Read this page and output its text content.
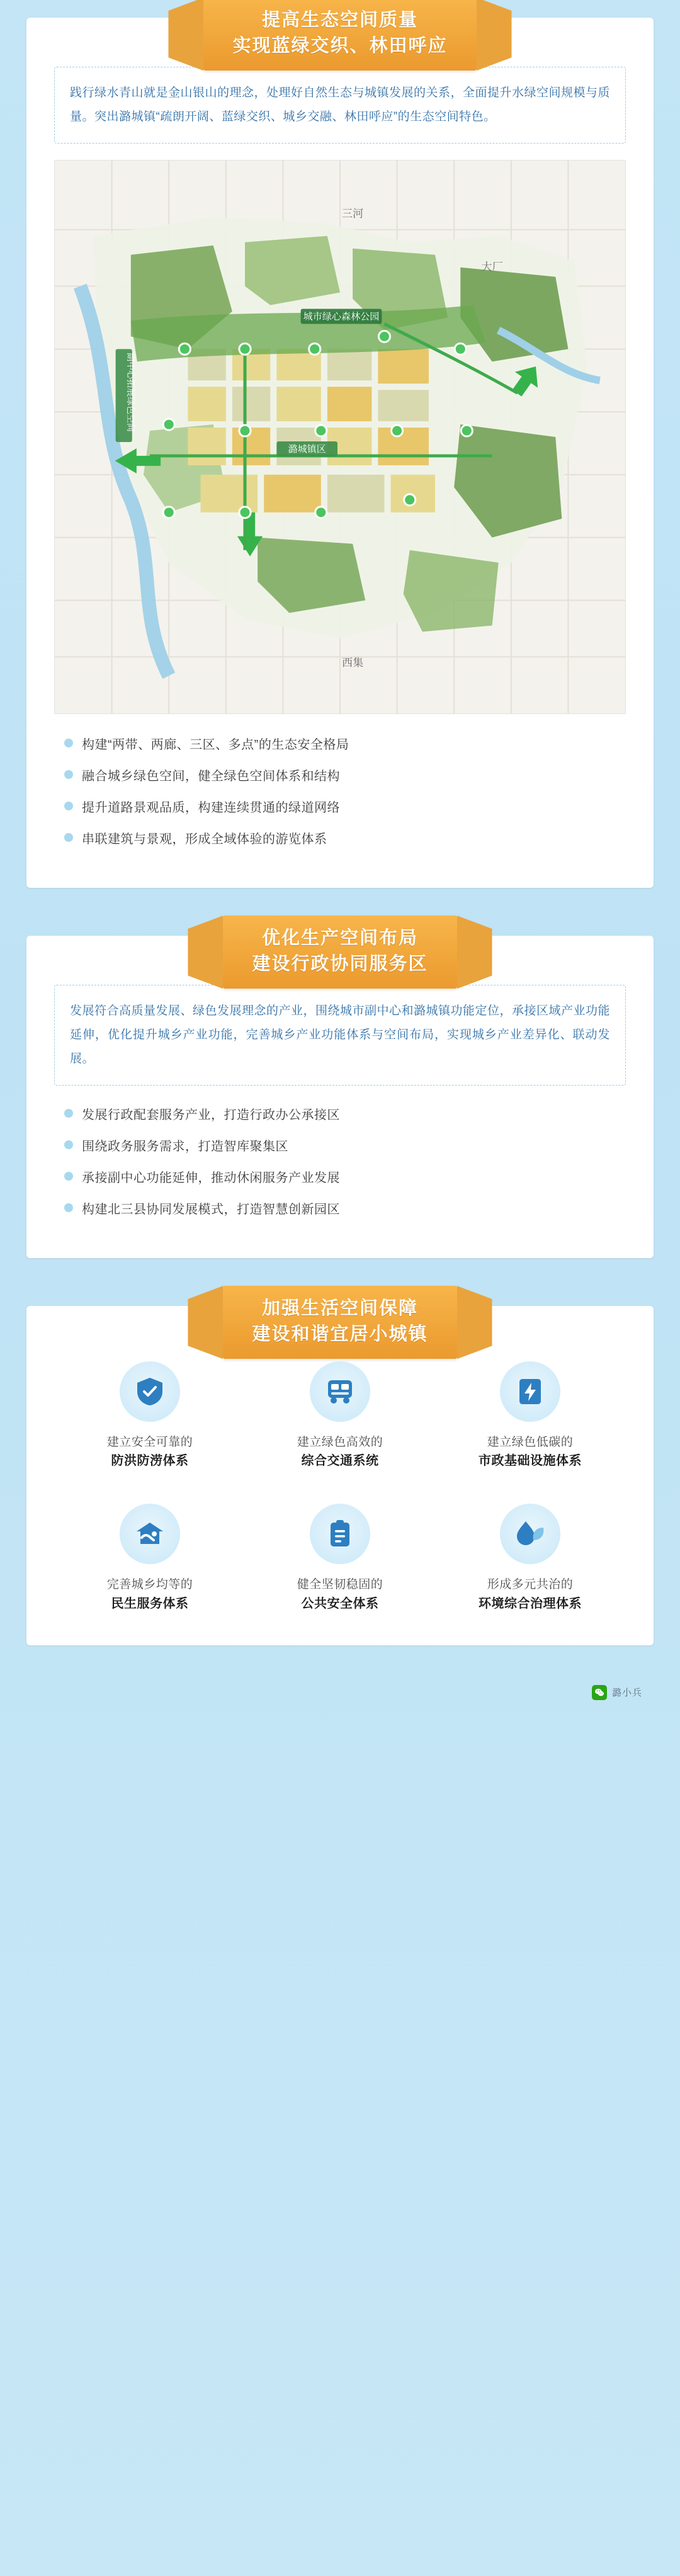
提高生态空间质量
实现蓝绿交织、林田呼应
践行绿水青山就是金山银山的理念，处理好自然生态与城镇发展的关系，全面提升水绿空间规模与质量。突出潞城镇“疏朗开阔、蓝绿交织、城乡交融、林田呼应”的生态空间特色。
城市绿心森林公园
潞城镇区
副中心拓展绿色空间
三河
大厂
西集
构建“两带、两廊、三区、多点”的生态安全格局
融合城乡绿色空间，健全绿色空间体系和结构
提升道路景观品质，构建连续贯通的绿道网络
串联建筑与景观，形成全域体验的游览体系
优化生产空间布局
建设行政协同服务区
发展符合高质量发展、绿色发展理念的产业，围绕城市副中心和潞城镇功能定位，承接区域产业功能延伸，优化提升城乡产业功能，完善城乡产业功能体系与空间布局，实现城乡产业差异化、联动发展。
发展行政配套服务产业，打造行政办公承接区
围绕政务服务需求，打造智库聚集区
承接副中心功能延伸，推动休闲服务产业发展
构建北三县协同发展模式，打造智慧创新园区
加强生活空间保障
建设和谐宜居小城镇
建立安全可靠的
防洪防涝体系
建立绿色高效的
综合交通系统
建立绿色低碳的
市政基础设施体系
完善城乡均等的
民生服务体系
健全坚韧稳固的
公共安全体系
形成多元共治的
环境综合治理体系
潞小兵
